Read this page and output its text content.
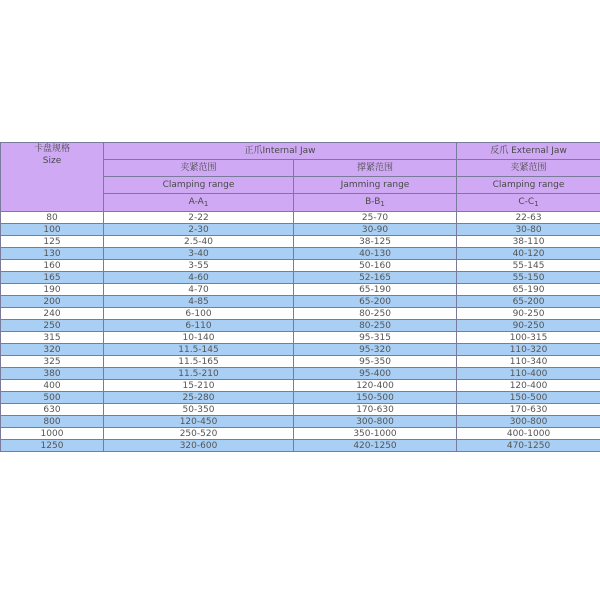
卡盘规格
Size	正爪Internal Jaw		反爪 External Jaw
	夹紧范围	撑紧范围	夹紧范围
	Clamping range	Jamming range	Clamping range
	$A-A_1$	$B-B_1$	$C-C_1$
80	2-22	25-70	22-63
100	2-30	30-90	30-80
125	2.5-40	38-125	38-110
130	3-40	40-130	40-120
160	3-55	50-160	55-145
165	4-60	52-165	55-150
190	4-70	65-190	65-190
200	4-85	65-200	65-200
240	6-100	80-250	90-250
250	6-110	80-250	90-250
315	10-140	95-315	100-315
320	11.5-145	95-320	110-320
325	11.5-165	95-350	110-340
380	11.5-210	95-400	110-400
400	15-210	120-400	120-400
500	25-280	150-500	150-500
630	50-350	170-630	170-630
800	120-450	300-800	300-800
1000	250-520	350-1000	400-1000
1250	320-600	420-1250	470-1250
